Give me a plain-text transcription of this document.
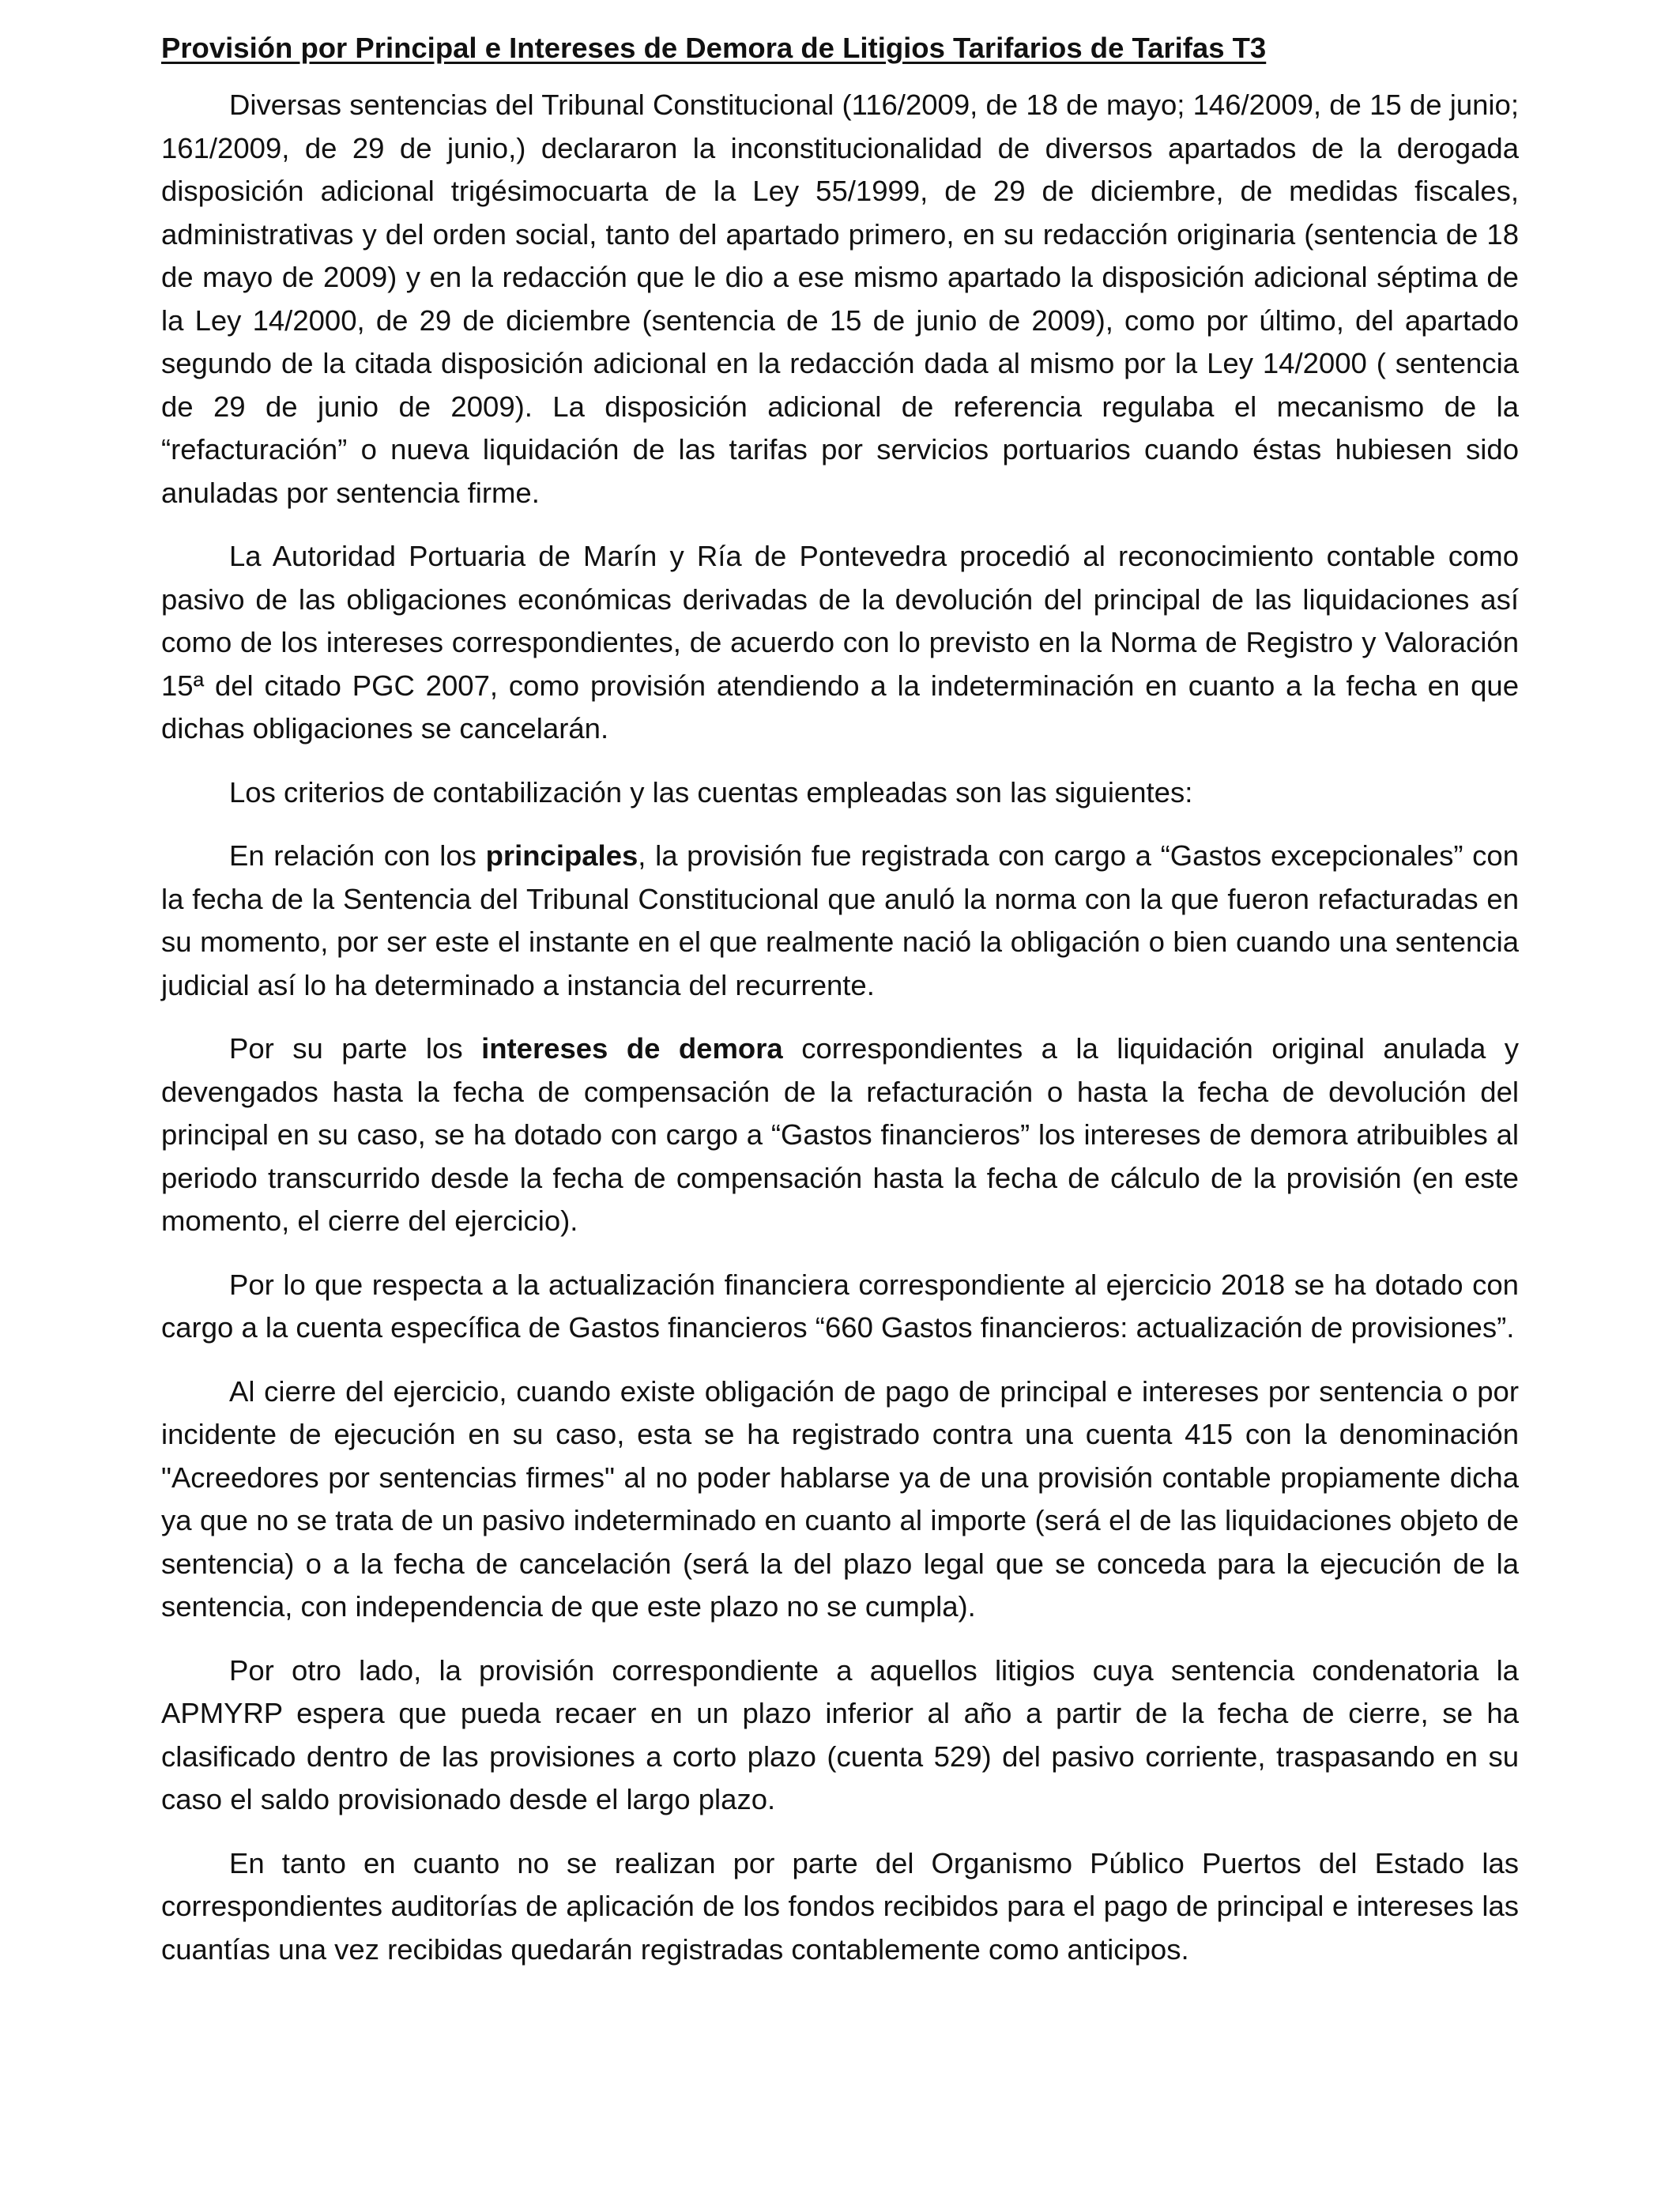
Provisión por Principal e Intereses de Demora de Litigios Tarifarios de Tarifas T3

Diversas sentencias del Tribunal Constitucional (116/2009, de 18 de mayo; 146/2009, de 15 de junio; 161/2009, de 29 de junio,) declararon la inconstitucionalidad de diversos apartados de la derogada disposición adicional trigésimocuarta de la Ley 55/1999, de 29 de diciembre, de medidas fiscales, administrativas y del orden social, tanto del apartado primero, en su redacción originaria (sentencia de 18 de mayo de 2009) y en la redacción que le dio a ese mismo apartado la disposición adicional séptima de la Ley 14/2000, de 29 de diciembre (sentencia de 15 de junio de 2009), como por último, del apartado segundo de la citada disposición adicional en la redacción dada al mismo por la Ley 14/2000 ( sentencia de 29 de junio de 2009). La disposición adicional de referencia regulaba el mecanismo de la “refacturación” o nueva liquidación de las tarifas por servicios portuarios cuando éstas hubiesen sido anuladas por sentencia firme.

La Autoridad Portuaria de Marín y Ría de Pontevedra procedió al reconocimiento contable como pasivo de las obligaciones económicas derivadas de la devolución del principal de las liquidaciones así como de los intereses correspondientes, de acuerdo con lo previsto en la Norma de Registro y Valoración 15ª del citado PGC 2007, como provisión atendiendo a la indeterminación en cuanto a la fecha en que dichas obligaciones se cancelarán.

Los criterios de contabilización y las cuentas empleadas son las siguientes:

En relación con los principales, la provisión fue registrada con cargo a “Gastos excepcionales” con la fecha de la Sentencia del Tribunal Constitucional que anuló la norma con la que fueron refacturadas en su momento, por ser este el instante en el que realmente nació la obligación o bien cuando una sentencia judicial así lo ha determinado a instancia del recurrente.

Por su parte los intereses de demora correspondientes a la liquidación original anulada y devengados hasta la fecha de compensación de la refacturación o hasta la fecha de devolución del principal en su caso, se ha dotado con cargo a “Gastos financieros” los intereses de demora atribuibles al periodo transcurrido desde la fecha de compensación hasta la fecha de cálculo de la provisión (en este momento, el cierre del ejercicio).

Por lo que respecta a la actualización financiera correspondiente al ejercicio 2018 se ha dotado con cargo a la cuenta específica de Gastos financieros “660 Gastos financieros: actualización de provisiones”.

Al cierre del ejercicio, cuando existe obligación de pago de principal e intereses por sentencia o por incidente de ejecución en su caso, esta se ha registrado contra una cuenta 415 con la denominación "Acreedores por sentencias firmes" al no poder hablarse ya de una provisión contable propiamente dicha ya que no se trata de un pasivo indeterminado en cuanto al importe (será el de las liquidaciones objeto de sentencia) o a la fecha de cancelación (será la del plazo legal que se conceda para la ejecución de la sentencia, con independencia de que este plazo no se cumpla).

Por otro lado, la provisión correspondiente a aquellos litigios cuya sentencia condenatoria la APMYRP espera que pueda recaer en un plazo inferior al año a partir de la fecha de cierre, se ha clasificado dentro de las provisiones a corto plazo (cuenta 529) del pasivo corriente, traspasando en su caso el saldo provisionado desde el largo plazo.

En tanto en cuanto no se realizan por parte del Organismo Público Puertos del Estado las correspondientes auditorías de aplicación de los fondos recibidos para el pago de principal e intereses las cuantías una vez recibidas quedarán registradas contablemente como anticipos.
